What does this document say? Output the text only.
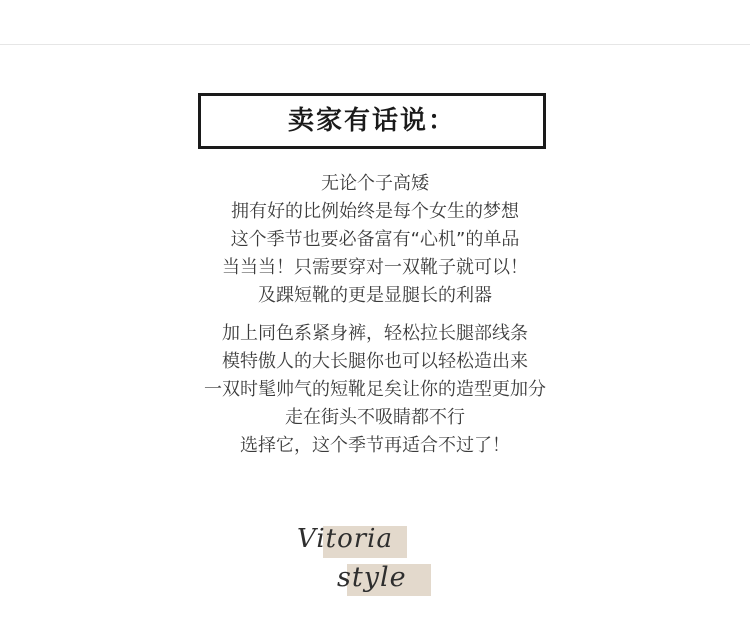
卖家有话说：
无论个子高矮
拥有好的比例始终是每个女生的梦想
这个季节也要必备富有“心机”的单品
当当当！只需要穿对一双靴子就可以！
及踝短靴的更是显腿长的利器
加上同色系紧身裤，轻松拉长腿部线条
模特傲人的大长腿你也可以轻松造出来
一双时髦帅气的短靴足矣让你的造型更加分
走在街头不吸睛都不行
选择它，这个季节再适合不过了！
Vitoria
style
